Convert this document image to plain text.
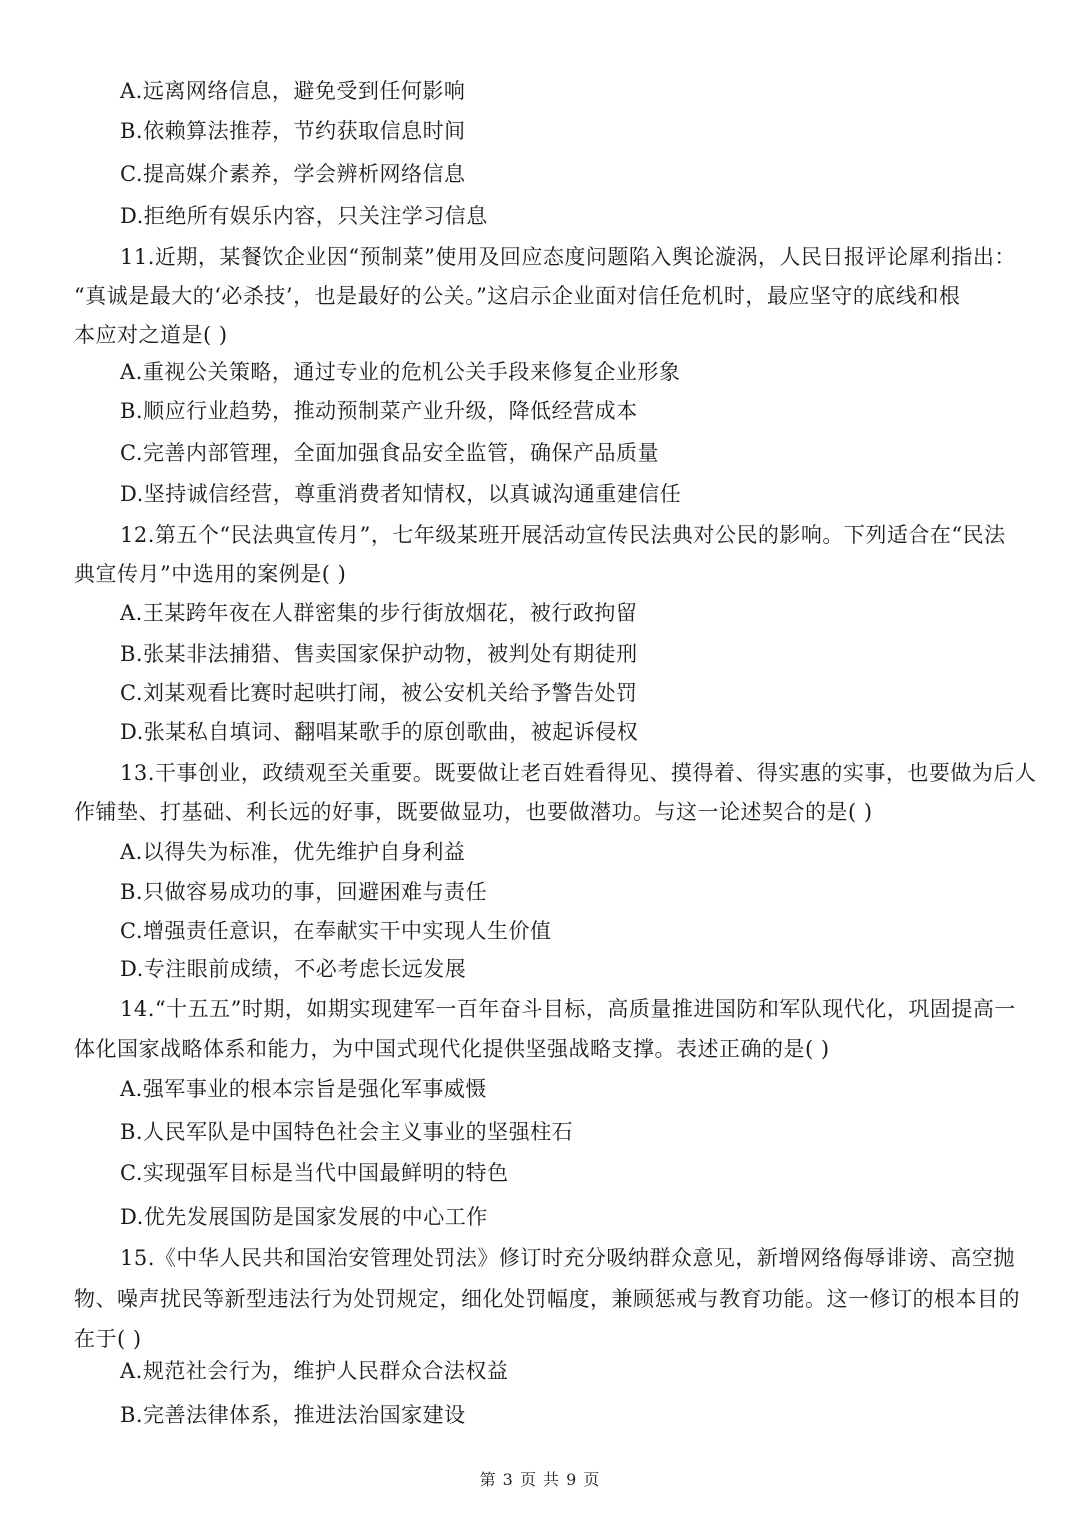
A.远离网络信息，避免受到任何影响
B.依赖算法推荐，节约获取信息时间
C.提高媒介素养，学会辨析网络信息
D.拒绝所有娱乐内容，只关注学习信息
11.近期，某餐饮企业因“预制菜”使用及回应态度问题陷入舆论漩涡，人民日报评论犀利指出：
“真诚是最大的‘必杀技’，也是最好的公关。”这启示企业面对信任危机时，最应坚守的底线和根
本应对之道是( )
A.重视公关策略，通过专业的危机公关手段来修复企业形象
B.顺应行业趋势，推动预制菜产业升级，降低经营成本
C.完善内部管理，全面加强食品安全监管，确保产品质量
D.坚持诚信经营，尊重消费者知情权，以真诚沟通重建信任
12.第五个“民法典宣传月”，七年级某班开展活动宣传民法典对公民的影响。下列适合在“民法
典宣传月”中选用的案例是( )
A.王某跨年夜在人群密集的步行街放烟花，被行政拘留
B.张某非法捕猎、售卖国家保护动物，被判处有期徒刑
C.刘某观看比赛时起哄打闹，被公安机关给予警告处罚
D.张某私自填词、翻唱某歌手的原创歌曲，被起诉侵权
13.干事创业，政绩观至关重要。既要做让老百姓看得见、摸得着、得实惠的实事，也要做为后人
作铺垫、打基础、利长远的好事，既要做显功，也要做潜功。与这一论述契合的是( )
A.以得失为标准，优先维护自身利益
B.只做容易成功的事，回避困难与责任
C.增强责任意识，在奉献实干中实现人生价值
D.专注眼前成绩，不必考虑长远发展
14.“十五五”时期，如期实现建军一百年奋斗目标，高质量推进国防和军队现代化，巩固提高一
体化国家战略体系和能力，为中国式现代化提供坚强战略支撑。表述正确的是( )
A.强军事业的根本宗旨是强化军事威慑
B.人民军队是中国特色社会主义事业的坚强柱石
C.实现强军目标是当代中国最鲜明的特色
D.优先发展国防是国家发展的中心工作
15.《中华人民共和国治安管理处罚法》修订时充分吸纳群众意见，新增网络侮辱诽谤、高空抛
物、噪声扰民等新型违法行为处罚规定，细化处罚幅度，兼顾惩戒与教育功能。这一修订的根本目的
在于( )
A.规范社会行为，维护人民群众合法权益
B.完善法律体系，推进法治国家建设
第 3 页 共 9 页
